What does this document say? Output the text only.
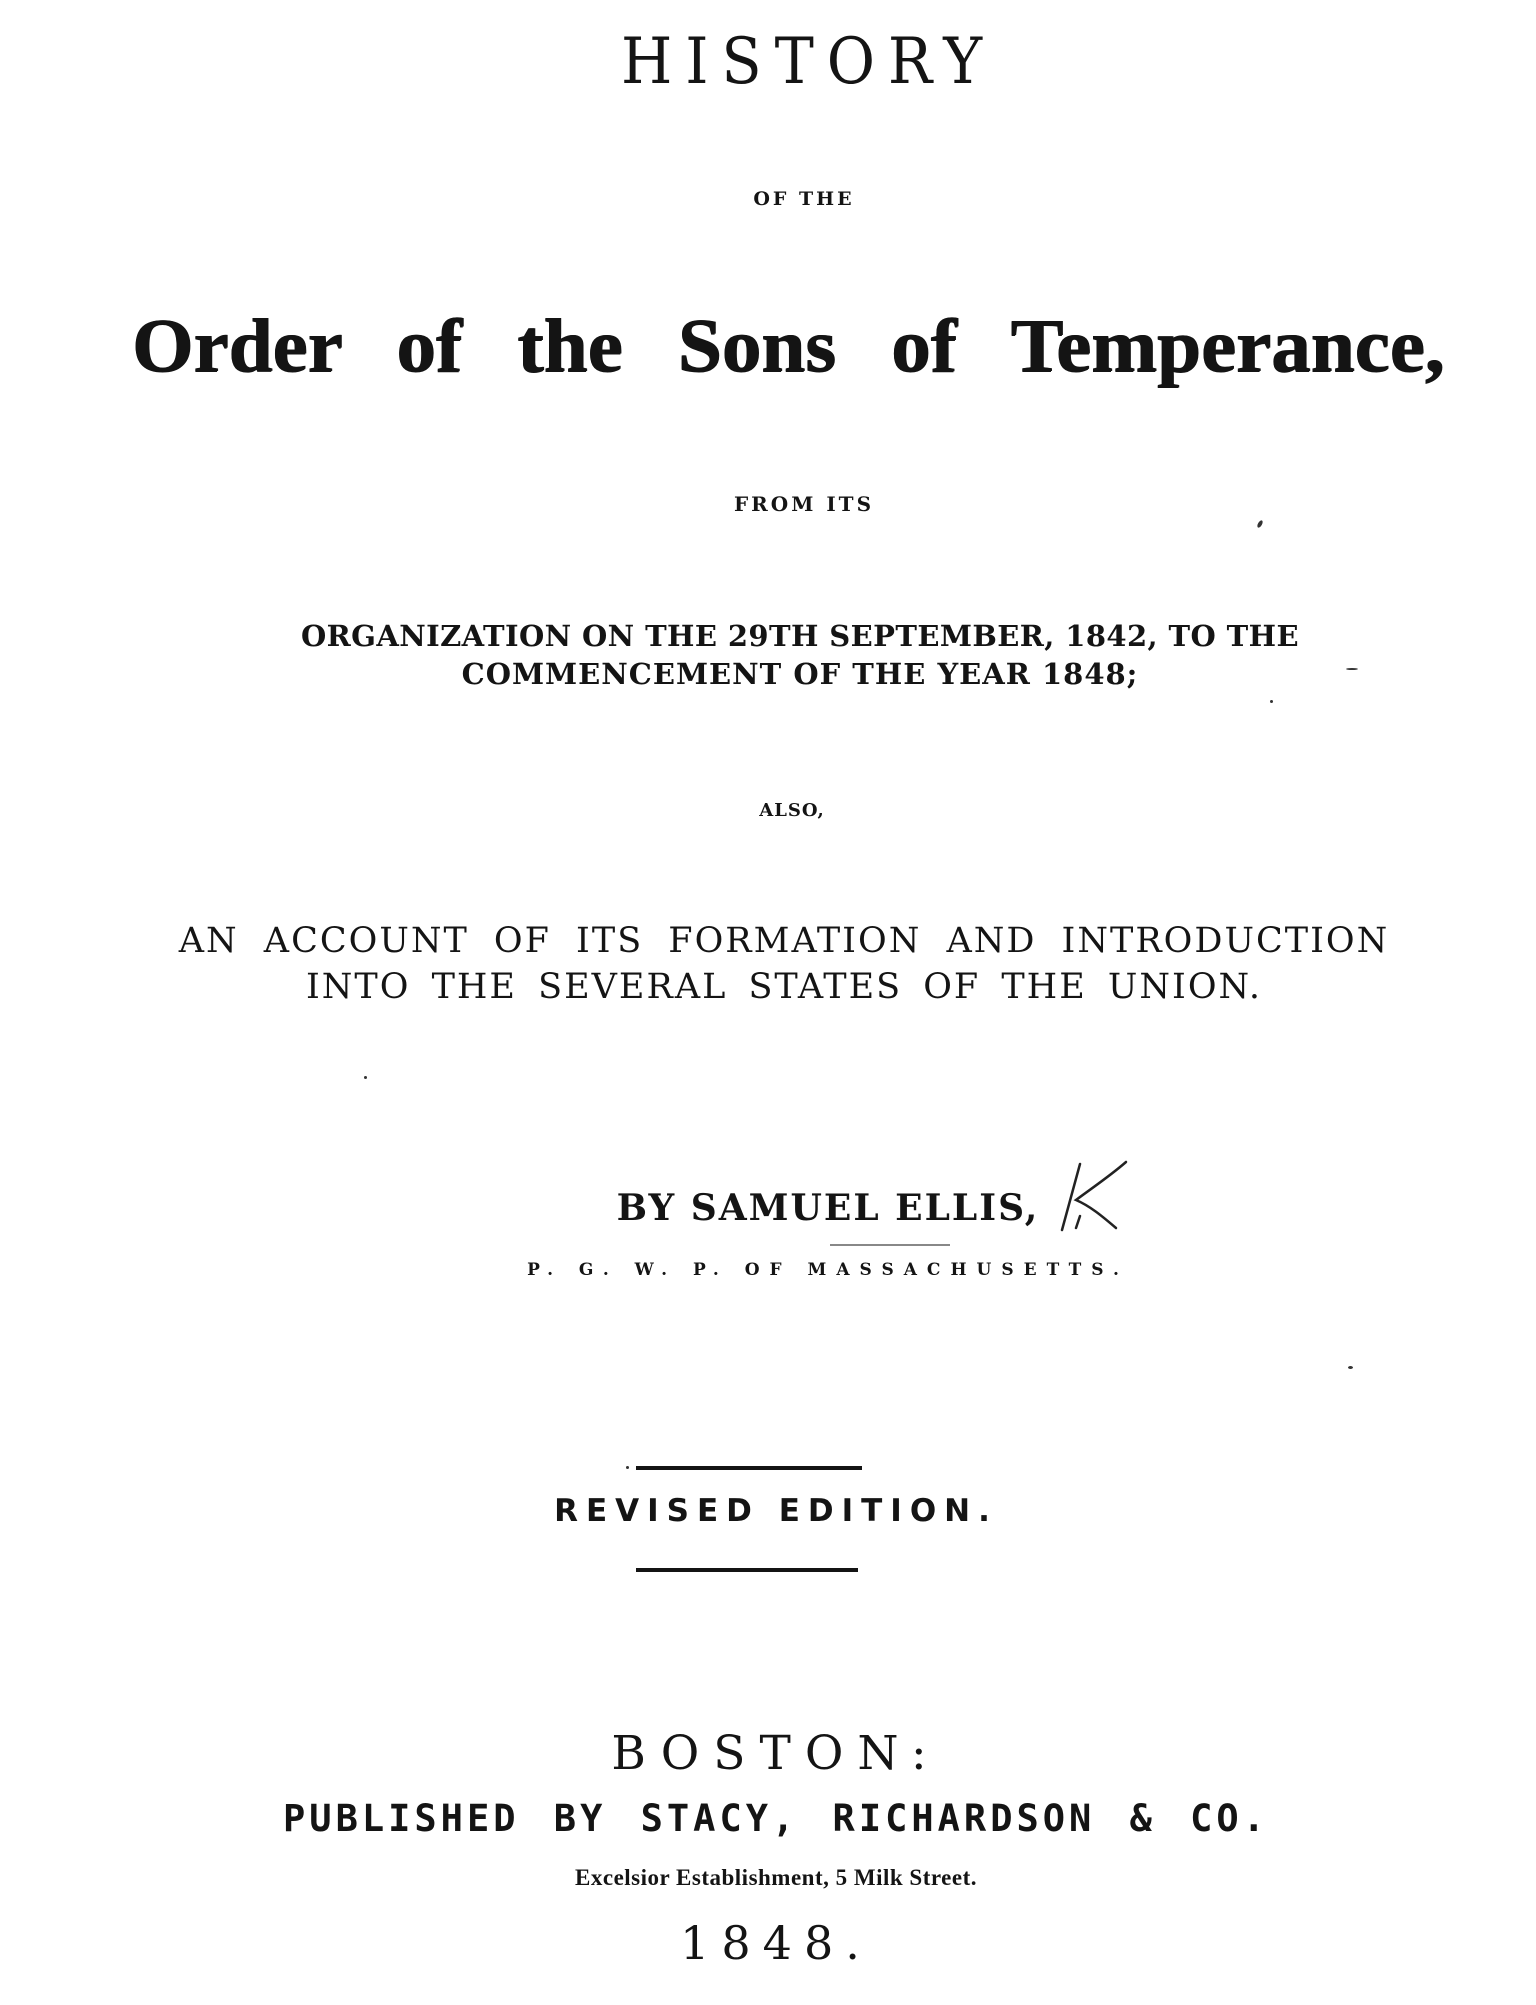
HISTORY
OF THE
Order of the Sons of Temperance,
FROM ITS
ORGANIZATION ON THE 29TH SEPTEMBER, 1842, TO THE
COMMENCEMENT OF THE YEAR 1848;
ALSO,
AN ACCOUNT OF ITS FORMATION AND INTRODUCTION
INTO THE SEVERAL STATES OF THE UNION.
BY SAMUEL ELLIS,
P. G. W. P. OF MASSACHUSETTS.
REVISED EDITION.
BOSTON:
PUBLISHED BY STACY, RICHARDSON & CO.
Excelsior Establishment, 5 Milk Street.
1848.
